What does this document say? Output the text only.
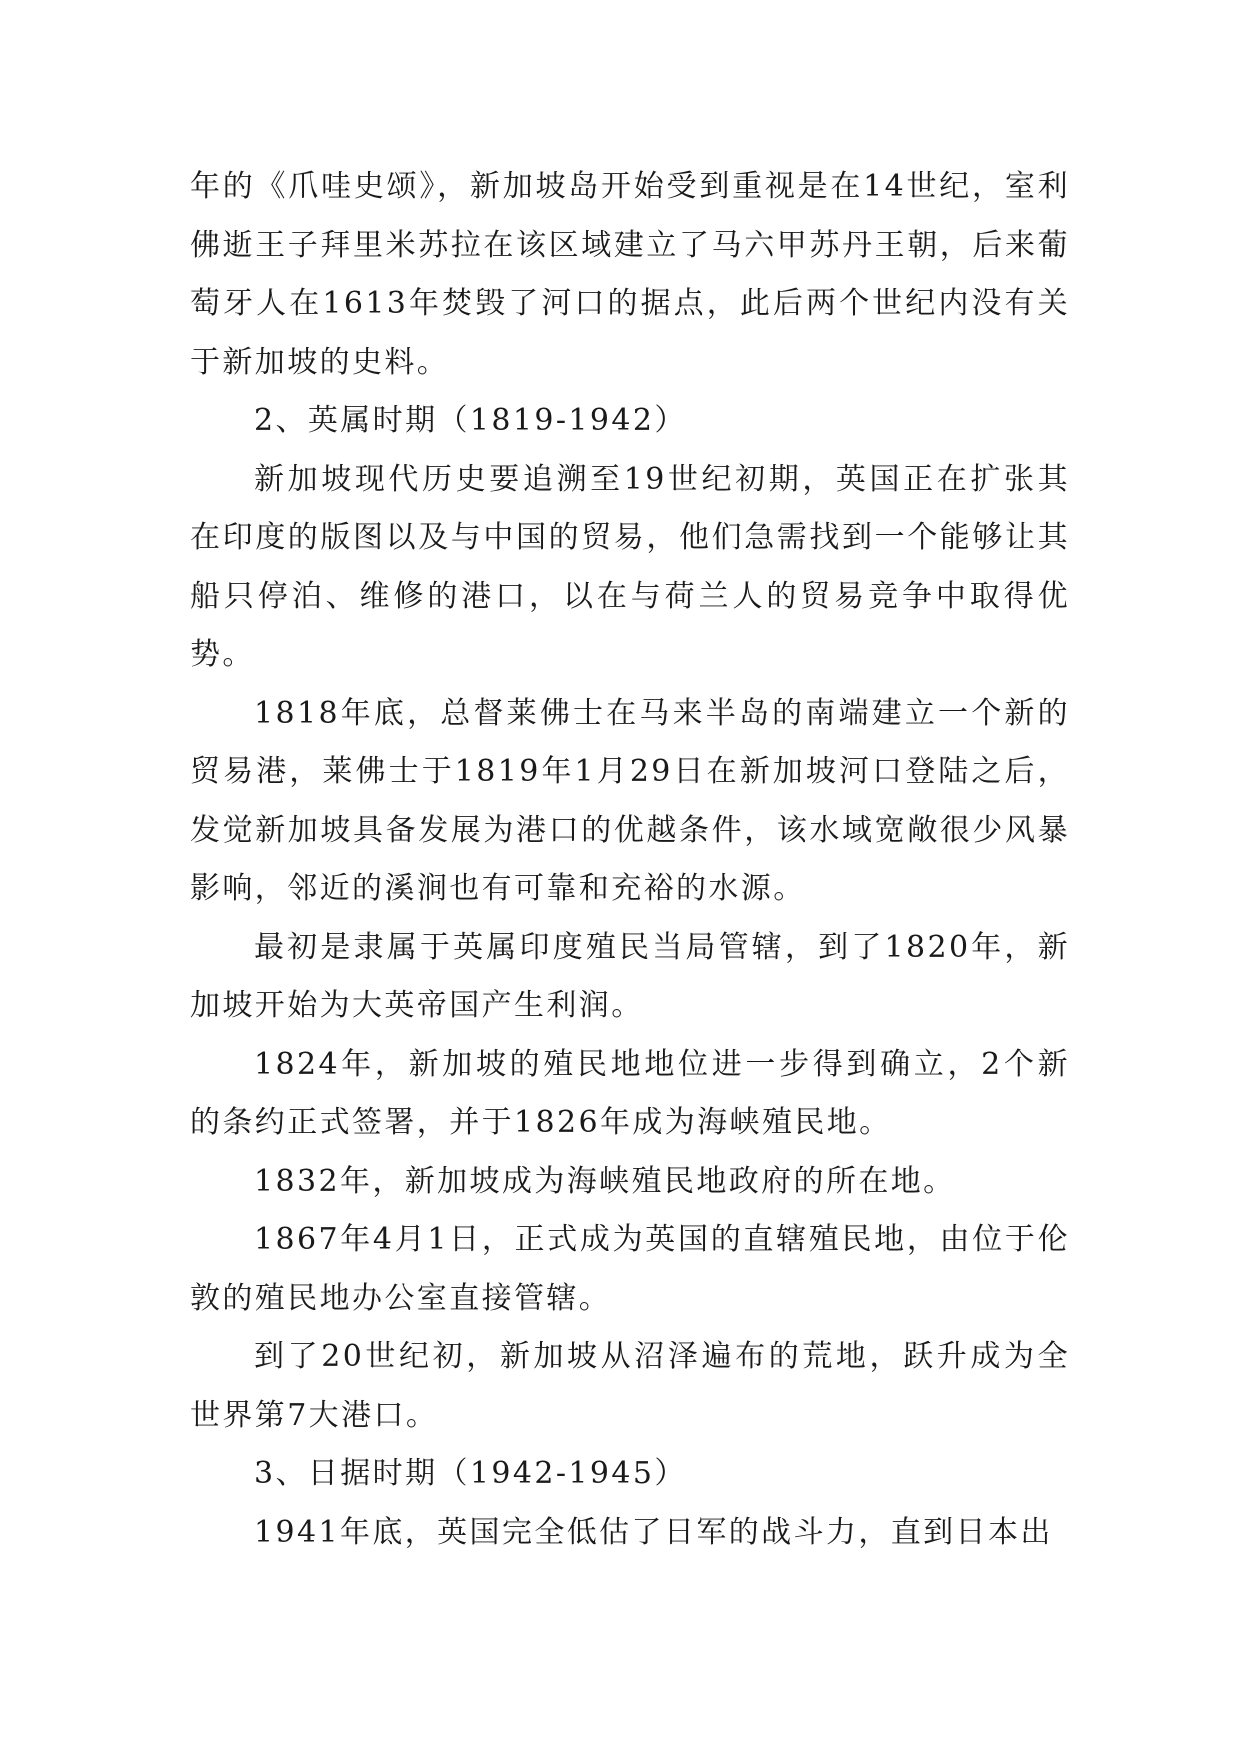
年的《爪哇史颂》，新加坡岛开始受到重视是在14世纪，室利佛逝王子拜里米苏拉在该区域建立了马六甲苏丹王朝，后来葡萄牙人在1613年焚毁了河口的据点，此后两个世纪内没有关于新加坡的史料。

2、英属时期（1819-1942）

新加坡现代历史要追溯至19世纪初期，英国正在扩张其在印度的版图以及与中国的贸易，他们急需找到一个能够让其船只停泊、维修的港口，以在与荷兰人的贸易竞争中取得优势。

1818年底，总督莱佛士在马来半岛的南端建立一个新的贸易港，莱佛士于1819年1月29日在新加坡河口登陆之后，发觉新加坡具备发展为港口的优越条件，该水域宽敞很少风暴影响，邻近的溪涧也有可靠和充裕的水源。

最初是隶属于英属印度殖民当局管辖，到了1820年，新加坡开始为大英帝国产生利润。

1824年，新加坡的殖民地地位进一步得到确立，2个新的条约正式签署，并于1826年成为海峡殖民地。

1832年，新加坡成为海峡殖民地政府的所在地。

1867年4月1日，正式成为英国的直辖殖民地，由位于伦敦的殖民地办公室直接管辖。

到了20世纪初，新加坡从沼泽遍布的荒地，跃升成为全世界第7大港口。

3、日据时期（1942-1945）

1941年底，英国完全低估了日军的战斗力，直到日本出
